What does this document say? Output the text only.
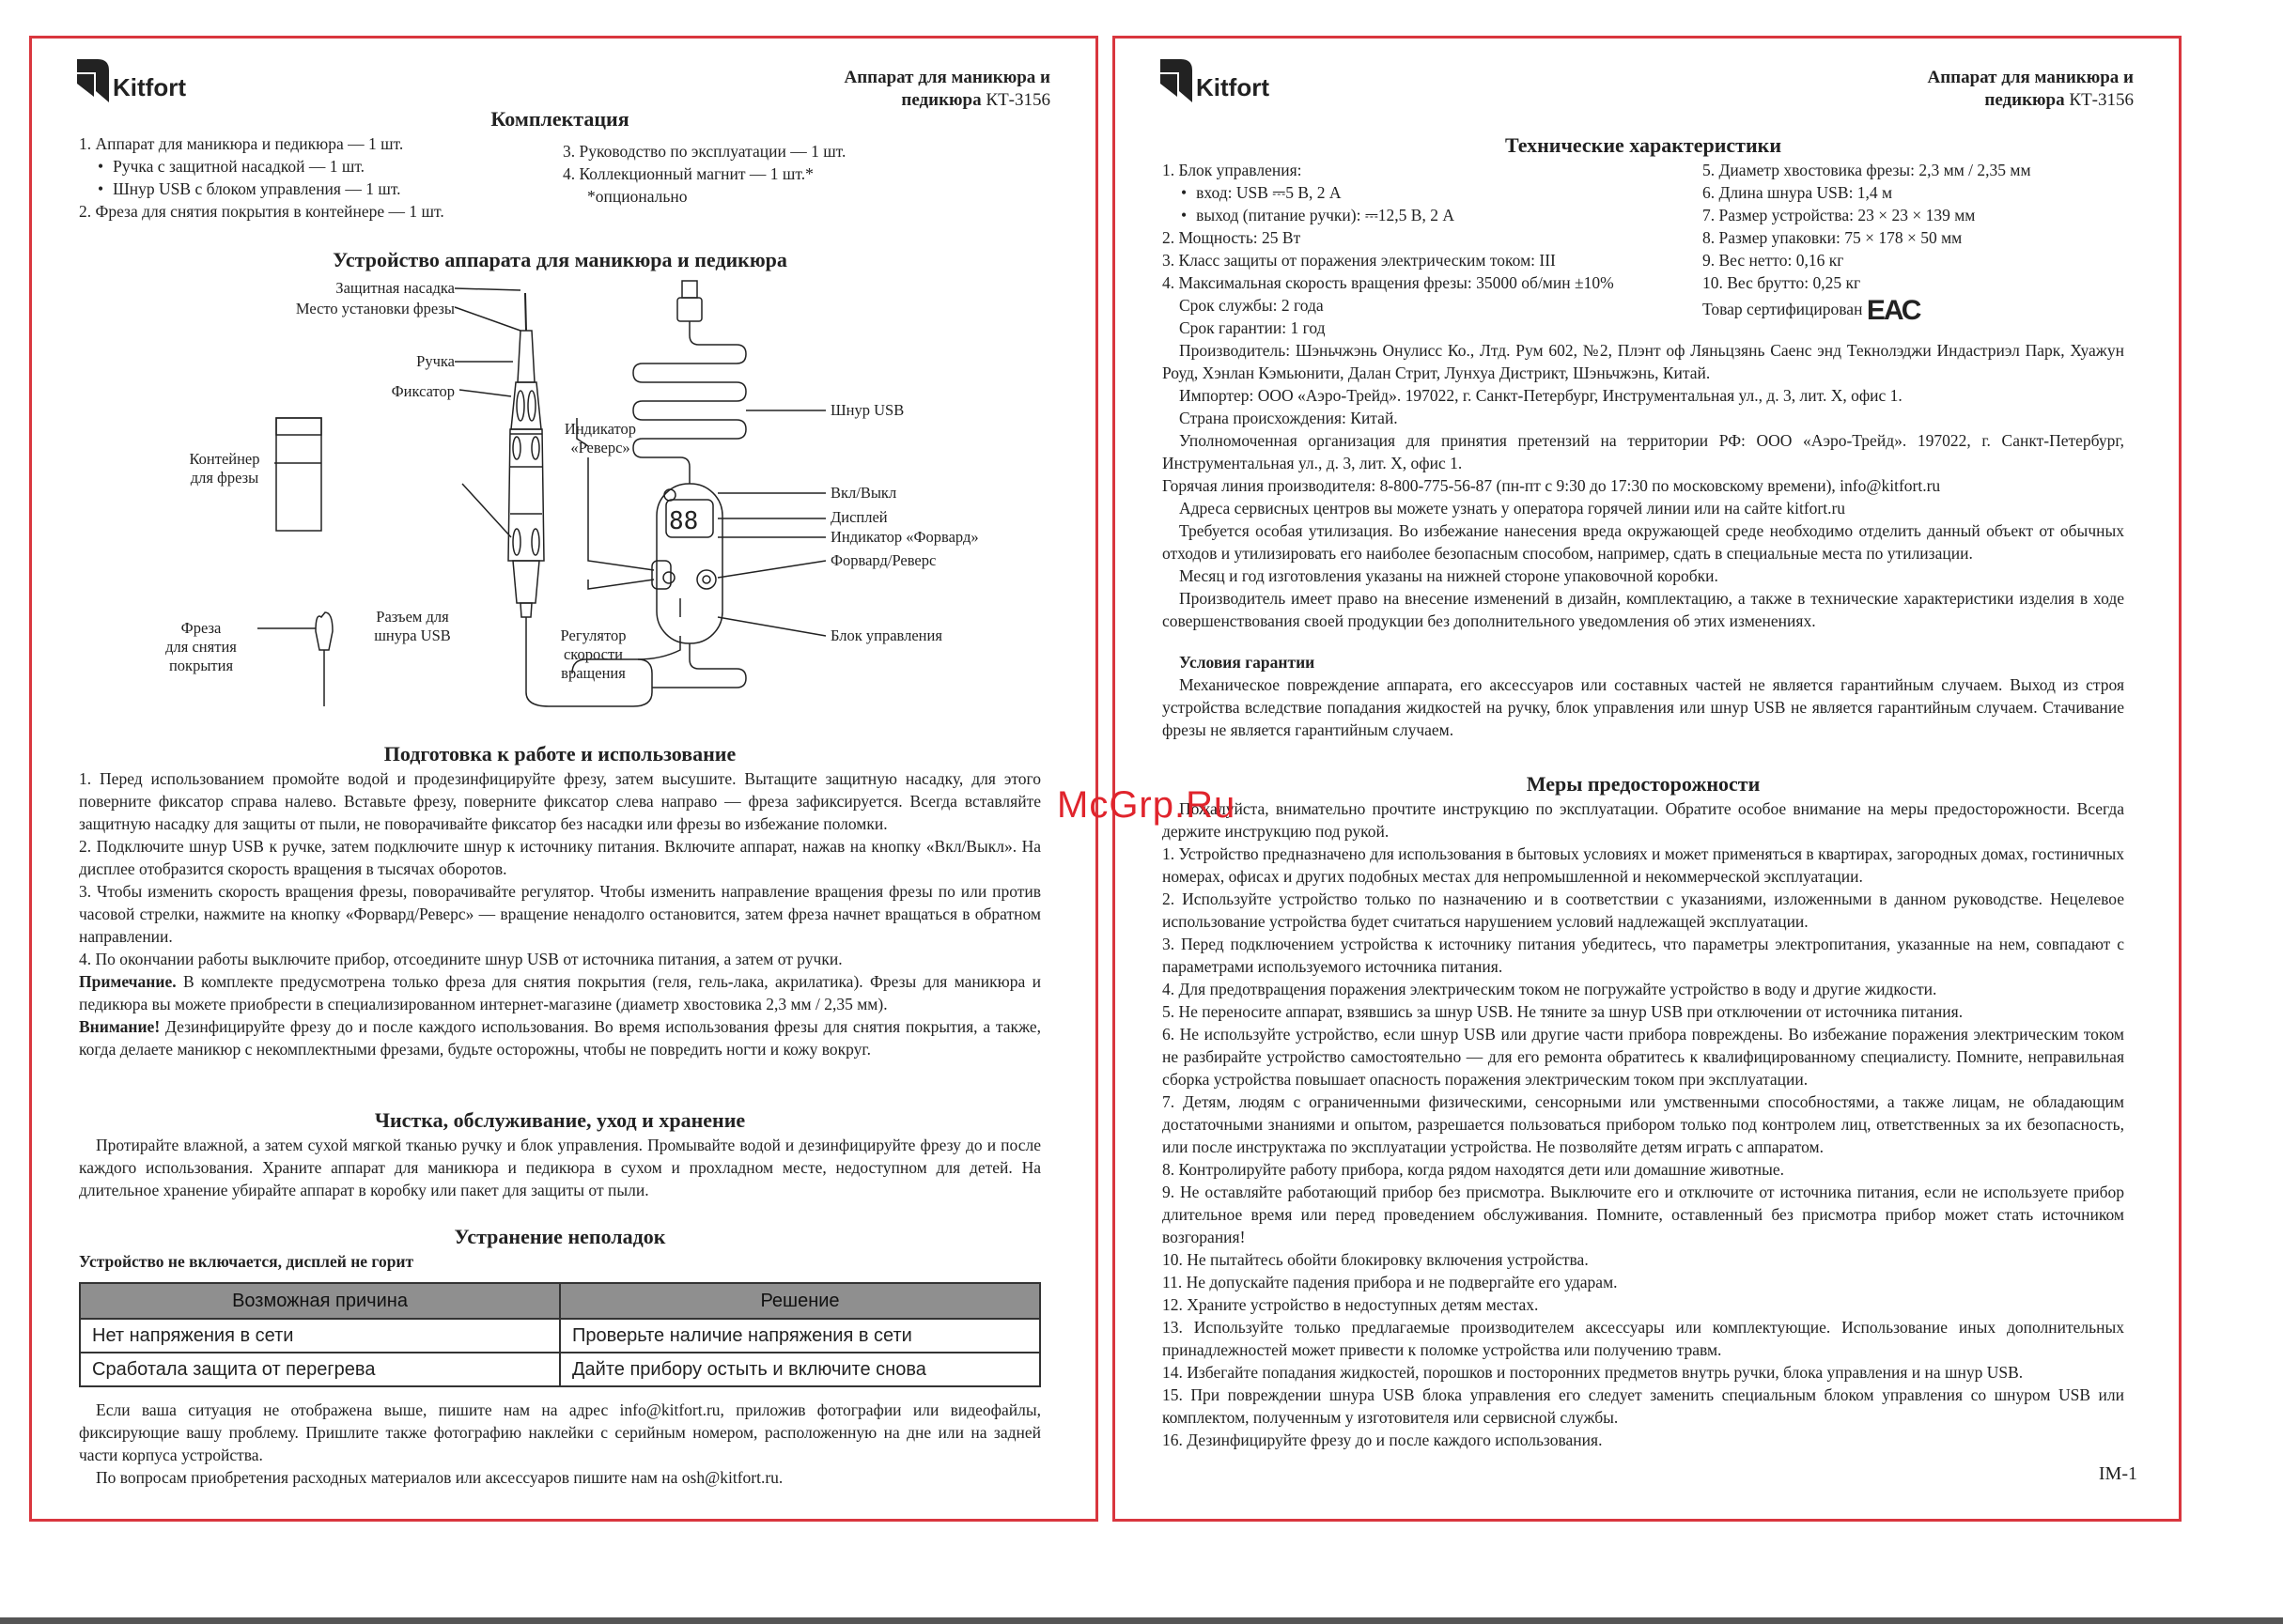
Kitfort	Аппарат для маникюра и
педикюра КТ-3156
Комплектация
1. Аппарат для маникюра и педикюра — 1 шт.
• Ручка с защитной насадкой — 1 шт.
• Шнур USB с блоком управления — 1 шт.
2. Фреза для снятия покрытия в контейнере — 1 шт.
3. Руководство по эксплуатации — 1 шт.
4. Коллекционный магнит — 1 шт.*
*опционально
Устройство аппарата для маникюра и педикюра
88
Защитная насадка
Место установки фрезы
Ручка
Фиксатор
Контейнер
для фрезы
Фреза
для снятия
покрытия
Разъем для
шнура USB
Индикатор
«Реверс»
Регулятор
скорости
вращения
Шнур USB
Вкл/Выкл
Дисплей
Индикатор «Форвард»
Форвард/Реверс
Блок управления
Подготовка к работе и использование

1. Перед использованием промойте водой и продезинфицируйте фрезу, затем высушите. Вытащите защитную насадку, для этого поверните фиксатор справа налево. Вставьте фрезу, поверните фиксатор слева направо — фреза зафиксируется. Всегда вставляйте защитную насадку для защиты от пыли, не поворачивайте фиксатор без насадки или фрезы во избежание поломки.

2. Подключите шнур USB к ручке, затем подключите шнур к источнику питания. Включите аппарат, нажав на кнопку «Вкл/Выкл». На дисплее отобразится скорость вращения в тысячах оборотов.

3. Чтобы изменить скорость вращения фрезы, поворачивайте регулятор. Чтобы изменить направление вращения фрезы по или против часовой стрелки, нажмите на кнопку «Форвард/Реверс» — вращение ненадолго остановится, затем фреза начнет вращаться в обратном направлении.

4. По окончании работы выключите прибор, отсоедините шнур USB от источника питания, а затем от ручки.

Примечание. В комплекте предусмотрена только фреза для снятия покрытия (геля, гель-лака, акрилатика). Фрезы для маникюра и педикюра вы можете приобрести в специализированном интернет-магазине (диаметр хвостовика 2,3 мм / 2,35 мм).

Внимание! Дезинфицируйте фрезу до и после каждого использования. Во время использования фрезы для снятия покрытия, а также, когда делаете маникюр с некомплектными фрезами, будьте осторожны, чтобы не повредить ногти и кожу вокруг.

Чистка, обслуживание, уход и хранение

Протирайте влажной, а затем сухой мягкой тканью ручку и блок управления. Промывайте водой и дезинфицируйте фрезу до и после каждого использования. Храните аппарат для маникюра и педикюра в сухом и прохладном месте, недоступном для детей. На длительное хранение убирайте аппарат в коробку или пакет для защиты от пыли.

Устранение неполадок
Устройство не включается, дисплей не горит
Возможная причина	Решение
Нет напряжения в сети	Проверьте наличие напряжения в сети
Сработала защита от перегрева	Дайте прибору остыть и включите снова

Если ваша ситуация не отображена выше, пишите нам на адрес info@kitfort.ru, приложив фотографии или видеофайлы, фиксирующие вашу проблему. Пришлите также фотографию наклейки с серийным номером, расположенную на дне или на задней части корпуса устройства.

По вопросам приобретения расходных материалов или аксессуаров пишите нам на osh@kitfort.ru.

Kitfort	Аппарат для маникюра и
педикюра КТ-3156
Технические характеристики
1. Блок управления:
• вход: USB ⎓5 В, 2 А
• выход (питание ручки): ⎓12,5 В, 2 А
2. Мощность: 25 Вт
3. Класс защиты от поражения электрическим током: III
4. Максимальная скорость вращения фрезы: 35000 об/мин ±10%
Срок службы: 2 года
Срок гарантии: 1 год
5. Диаметр хвостовика фрезы: 2,3 мм / 2,35 мм
6. Длина шнура USB: 1,4 м
7. Размер устройства: 23 × 23 × 139 мм
8. Размер упаковки: 75 × 178 × 50 мм
9. Вес нетто: 0,16 кг
10. Вес брутто: 0,25 кг
Товар сертифицирован ЕАС

Производитель: Шэньчжэнь Онулисс Ко., Лтд. Рум 602, №2, Плэнт оф Ляньцзянь Саенс энд Текнолэджи Индастриэл Парк, Хуажун Роуд, Хэнлан Кэмьюнити, Далан Стрит, Лунхуа Дистрикт, Шэньчжэнь, Китай.

Импортер: ООО «Аэро-Трейд». 197022, г. Санкт-Петербург, Инструментальная ул., д. 3, лит. Х, офис 1.

Страна происхождения: Китай.

Уполномоченная организация для принятия претензий на территории РФ: ООО «Аэро-Трейд». 197022, г. Санкт-Петербург, Инструментальная ул., д. 3, лит. Х, офис 1.

Горячая линия производителя: 8-800-775-56-87 (пн-пт с 9:30 до 17:30 по московскому времени), info@kitfort.ru

Адреса сервисных центров вы можете узнать у оператора горячей линии или на сайте kitfort.ru

Требуется особая утилизация. Во избежание нанесения вреда окружающей среде необходимо отделить данный объект от обычных отходов и утилизировать его наиболее безопасным способом, например, сдать в специальные места по утилизации.

Месяц и год изготовления указаны на нижней стороне упаковочной коробки.

Производитель имеет право на внесение изменений в дизайн, комплектацию, а также в технические характеристики изделия в ходе совершенствования своей продукции без дополнительного уведомления об этих изменениях.

Условия гарантии

Механическое повреждение аппарата, его аксессуаров или составных частей не является гарантийным случаем. Выход из строя устройства вследствие попадания жидкостей на ручку, блок управления или шнур USB не является гарантийным случаем. Стачивание фрезы не является гарантийным случаем.

Меры предосторожности

Пожалуйста, внимательно прочтите инструкцию по эксплуатации. Обратите особое внимание на меры предосторожности. Всегда держите инструкцию под рукой.

1. Устройство предназначено для использования в бытовых условиях и может применяться в квартирах, загородных домах, гостиничных номерах, офисах и других подобных местах для непромышленной и некоммерческой эксплуатации.

2. Используйте устройство только по назначению и в соответствии с указаниями, изложенными в данном руководстве. Нецелевое использование устройства будет считаться нарушением условий надлежащей эксплуатации.

3. Перед подключением устройства к источнику питания убедитесь, что параметры электропитания, указанные на нем, совпадают с параметрами используемого источника питания.

4. Для предотвращения поражения электрическим током не погружайте устройство в воду и другие жидкости.

5. Не переносите аппарат, взявшись за шнур USB. Не тяните за шнур USB при отключении от источника питания.

6. Не используйте устройство, если шнур USB или другие части прибора повреждены. Во избежание поражения электрическим током не разбирайте устройство самостоятельно — для его ремонта обратитесь к квалифицированному специалисту. Помните, неправильная сборка устройства повышает опасность поражения электрическим током при эксплуатации.

7. Детям, людям с ограниченными физическими, сенсорными или умственными способностями, а также лицам, не обладающим достаточными знаниями и опытом, разрешается пользоваться прибором только под контролем лиц, ответственных за их безопасность, или после инструктажа по эксплуатации устройства. Не позволяйте детям играть с аппаратом.

8. Контролируйте работу прибора, когда рядом находятся дети или домашние животные.

9. Не оставляйте работающий прибор без присмотра. Выключите его и отключите от источника питания, если не используете прибор длительное время или перед проведением обслуживания. Помните, оставленный без присмотра прибор может стать источником возгорания!

10. Не пытайтесь обойти блокировку включения устройства.

11. Не допускайте падения прибора и не подвергайте его ударам.

12. Храните устройство в недоступных детям местах.

13. Используйте только предлагаемые производителем аксессуары или комплектующие. Использование иных дополнительных принадлежностей может привести к поломке устройства или получению травм.

14. Избегайте попадания жидкостей, порошков и посторонних предметов внутрь ручки, блока управления и на шнур USB.

15. При повреждении шнура USB блока управления его следует заменить специальным блоком управления со шнуром USB или комплектом, полученным у изготовителя или сервисной службы.

16. Дезинфицируйте фрезу до и после каждого использования.

IM-1
McGrp.Ru
